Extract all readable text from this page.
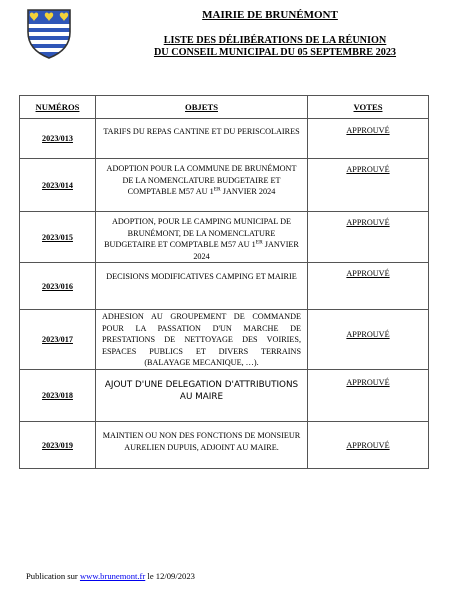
MAIRIE DE BRUNÉMONT
LISTE DES DÉLIBÉRATIONS DE LA RÉUNION
DU CONSEIL MUNICIPAL DU 05 SEPTEMBRE 2023
NUMÉROS	OBJETS	VOTES
2023/013	TARIFS DU REPAS CANTINE ET DU PERISCOLAIRES	APPROUVÉ
2023/014	ADOPTION POUR LA COMMUNE DE BRUNÉMONT DE LA NOMENCLATURE BUDGETAIRE ET COMPTABLE M57 AU 1ER JANVIER 2024	APPROUVÉ
2023/015	ADOPTION, POUR LE CAMPING MUNICIPAL DE BRUNÉMONT, DE LA NOMENCLATURE BUDGETAIRE ET COMPTABLE M57 AU 1ER JANVIER 2024	APPROUVÉ
2023/016	DECISIONS MODIFICATIVES CAMPING ET MAIRIE	APPROUVÉ
2023/017	ADHESION AU GROUPEMENT DE COMMANDE POUR LA PASSATION D'UN MARCHE DE PRESTATIONS DE NETTOYAGE DES VOIRIES, ESPACES PUBLICS ET DIVERS TERRAINS (BALAYAGE MECANIQUE, …).	APPROUVÉ
2023/018	AJOUT D'UNE DELEGATION D'ATTRIBUTIONS AU MAIRE	APPROUVÉ
2023/019	MAINTIEN OU NON DES FONCTIONS DE MONSIEUR AURELIEN DUPUIS, ADJOINT AU MAIRE.	APPROUVÉ
Publication sur www.brunemont.fr le 12/09/2023
